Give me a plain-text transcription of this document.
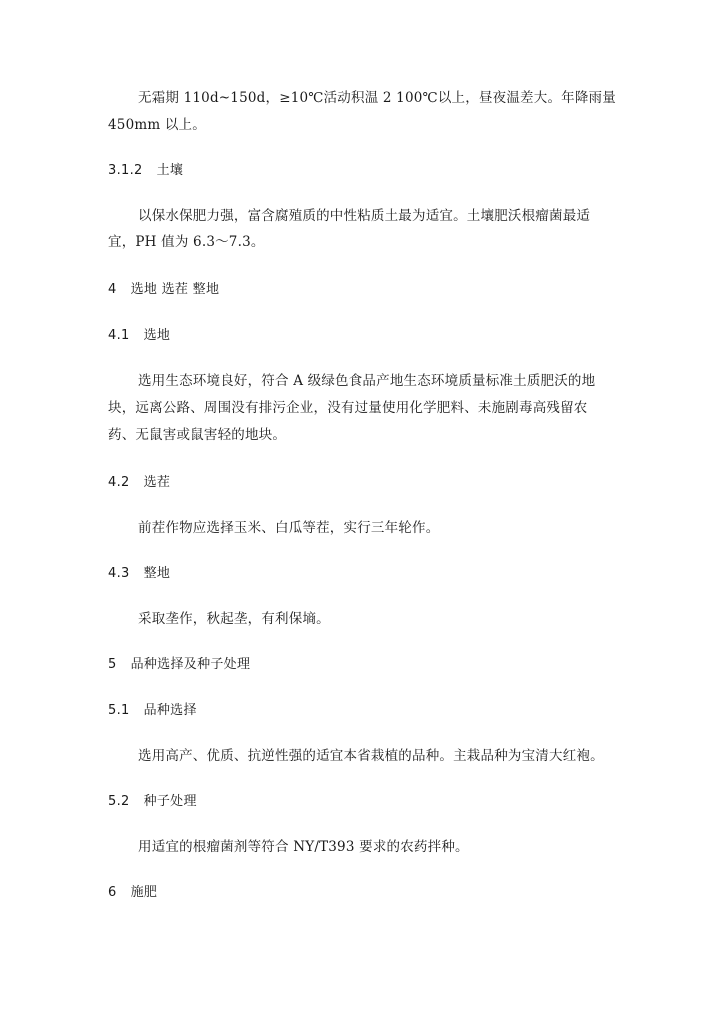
无霜期 110d~150d，≥10℃活动积温 2 100℃以上，昼夜温差大。年降雨量
450mm 以上。
3.1.2 土壤
以保水保肥力强，富含腐殖质的中性粘质土最为适宜。土壤肥沃根瘤菌最适
宜，PH 值为 6.3～7.3。
4 选地 选茬 整地
4.1 选地
选用生态环境良好，符合 A 级绿色食品产地生态环境质量标准土质肥沃的地
块，远离公路、周围没有排污企业，没有过量使用化学肥料、未施剧毒高残留农
药、无鼠害或鼠害轻的地块。
4.2 选茬
前茬作物应选择玉米、白瓜等茬，实行三年轮作。
4.3 整地
采取垄作，秋起垄，有利保墒。
5 品种选择及种子处理
5.1 品种选择
选用高产、优质、抗逆性强的适宜本省栽植的品种。主栽品种为宝清大红袍。
5.2 种子处理
用适宜的根瘤菌剂等符合 NY/T393 要求的农药拌种。
6 施肥
